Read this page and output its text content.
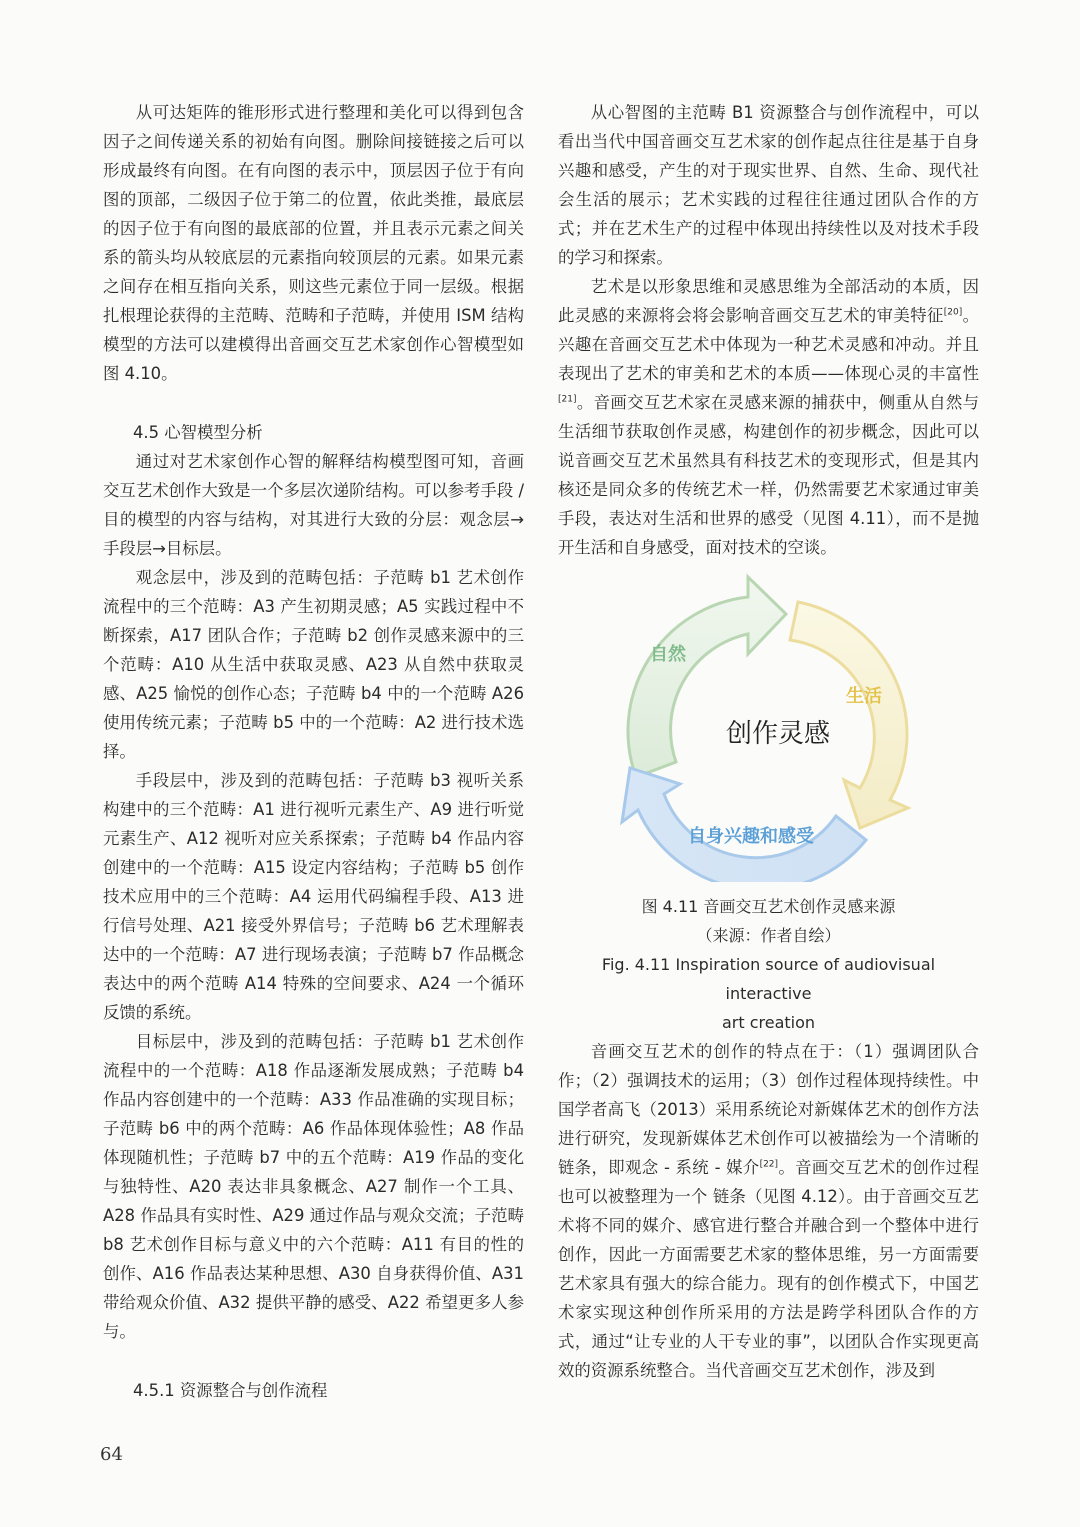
从可达矩阵的锥形形式进行整理和美化可以得到包含因子之间传递关系的初始有向图。删除间接链接之后可以形成最终有向图。在有向图的表示中，顶层因子位于有向图的顶部，二级因子位于第二的位置，依此类推，最底层的因子位于有向图的最底部的位置，并且表示元素之间关系的箭头均从较底层的元素指向较顶层的元素。如果元素之间存在相互指向关系，则这些元素位于同一层级。根据扎根理论获得的主范畴、范畴和子范畴，并使用 ISM 结构模型的方法可以建模得出音画交互艺术家创作心智模型如图 4.10。

4.5 心智模型分析

通过对艺术家创作心智的解释结构模型图可知，音画交互艺术创作大致是一个多层次递阶结构。可以参考手段 / 目的模型的内容与结构，对其进行大致的分层：观念层→手段层→目标层。

观念层中，涉及到的范畴包括：子范畴 b1 艺术创作流程中的三个范畴：A3 产生初期灵感；A5 实践过程中不断探索，A17 团队合作；子范畴 b2 创作灵感来源中的三个范畴：A10 从生活中获取灵感、A23 从自然中获取灵感、A25 愉悦的创作心态；子范畴 b4 中的一个范畴 A26 使用传统元素；子范畴 b5 中的一个范畴：A2 进行技术选择。

手段层中，涉及到的范畴包括：子范畴 b3 视听关系构建中的三个范畴：A1 进行视听元素生产、A9 进行听觉元素生产、A12 视听对应关系探索；子范畴 b4 作品内容创建中的一个范畴：A15 设定内容结构；子范畴 b5 创作技术应用中的三个范畴：A4 运用代码编程手段、A13 进行信号处理、A21 接受外界信号；子范畴 b6 艺术理解表达中的一个范畴：A7 进行现场表演；子范畴 b7 作品概念表达中的两个范畴 A14 特殊的空间要求、A24 一个循环反馈的系统。

目标层中，涉及到的范畴包括：子范畴 b1 艺术创作流程中的一个范畴：A18 作品逐渐发展成熟；子范畴 b4 作品内容创建中的一个范畴：A33 作品准确的实现目标；子范畴 b6 中的两个范畴：A6 作品体现体验性；A8 作品体现随机性；子范畴 b7 中的五个范畴：A19 作品的变化与独特性、A20 表达非具象概念、A27 制作一个工具、A28 作品具有实时性、A29 通过作品与观众交流；子范畴 b8 艺术创作目标与意义中的六个范畴：A11 有目的性的创作、A16 作品表达某种思想、A30 自身获得价值、A31 带给观众价值、A32 提供平静的感受、A22 希望更多人参与。

4.5.1 资源整合与创作流程

从心智图的主范畴 B1 资源整合与创作流程中，可以看出当代中国音画交互艺术家的创作起点往往是基于自身兴趣和感受，产生的对于现实世界、自然、生命、现代社会生活的展示；艺术实践的过程往往通过团队合作的方式；并在艺术生产的过程中体现出持续性以及对技术手段的学习和探索。

艺术是以形象思维和灵感思维为全部活动的本质，因此灵感的来源将会将会影响音画交互艺术的审美特征[20]。兴趣在音画交互艺术中体现为一种艺术灵感和冲动。并且表现出了艺术的审美和艺术的本质——体现心灵的丰富性[21]。音画交互艺术家在灵感来源的捕获中，侧重从自然与生活细节获取创作灵感，构建创作的初步概念，因此可以说音画交互艺术虽然具有科技艺术的变现形式，但是其内核还是同众多的传统艺术一样，仍然需要艺术家通过审美手段，表达对生活和世界的感受（见图 4.11），而不是抛开生活和自身感受，面对技术的空谈。

自然
生活
自身兴趣和感受
创作灵感

图 4.11 音画交互艺术创作灵感来源

（来源：作者自绘）

Fig. 4.11 Inspiration source of audiovisual interactive

art creation

音画交互艺术的创作的特点在于：（1）强调团队合作；（2）强调技术的运用；（3）创作过程体现持续性。中国学者高飞（2013）采用系统论对新媒体艺术的创作方法进行研究，发现新媒体艺术创作可以被描绘为一个清晰的链条，即观念 - 系统 - 媒介[22]。音画交互艺术的创作过程也可以被整理为一个 链条（见图 4.12）。由于音画交互艺术将不同的媒介、感官进行整合并融合到一个整体中进行创作，因此一方面需要艺术家的整体思维，另一方面需要艺术家具有强大的综合能力。现有的创作模式下，中国艺术家实现这种创作所采用的方法是跨学科团队合作的方式，通过“让专业的人干专业的事”，以团队合作实现更高效的资源系统整合。当代音画交互艺术创作，涉及到

64
